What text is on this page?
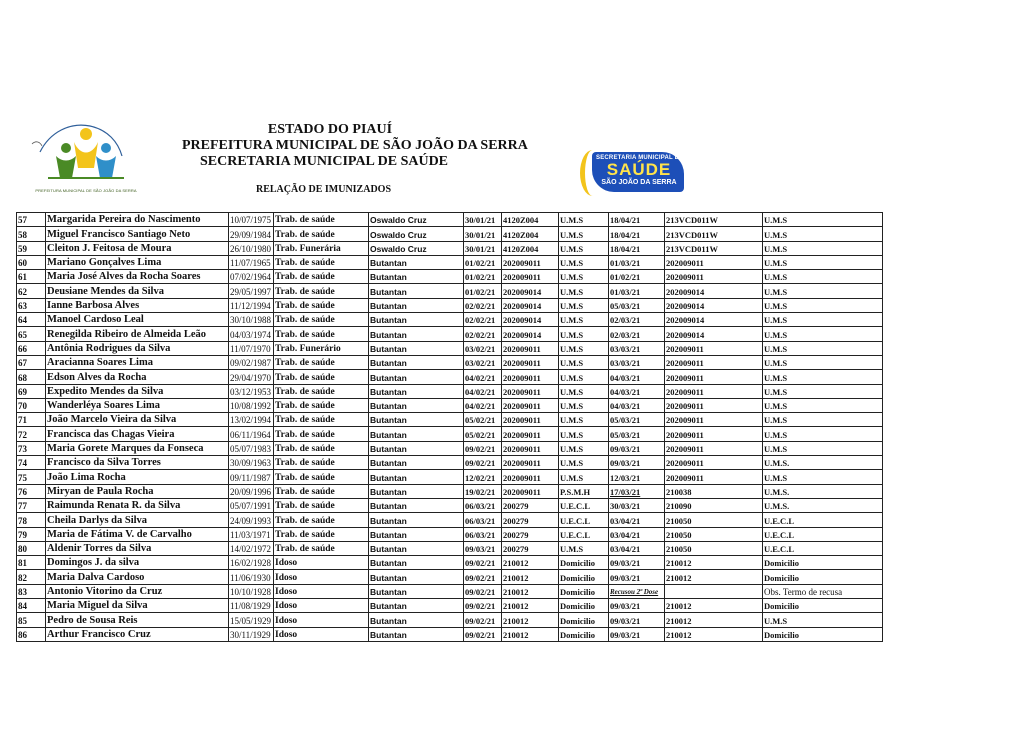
PREFEITURA MUNICIPAL DE SÃO JOÃO DA SERRA
ESTADO DO PIAUÍ
PREFEITURA MUNICIPAL DE SÃO JOÃO DA SERRA
SECRETARIA MUNICIPAL DE SAÚDE
RELAÇÃO DE IMUNIZADOS
SECRETARIA MUNICIPAL DE
SAÚDE
SÃO JOÃO DA SERRA
57	Margarida Pereira do Nascimento	10/07/1975	Trab. de saúde	Oswaldo Cruz	30/01/21	4120Z004	U.M.S	18/04/21	213VCD011W	U.M.S
58	Miguel Francisco Santiago Neto	29/09/1984	Trab. de saúde	Oswaldo Cruz	30/01/21	4120Z004	U.M.S	18/04/21	213VCD011W	U.M.S
59	Cleiton J. Feitosa de Moura	26/10/1980	Trab. Funerária	Oswaldo Cruz	30/01/21	4120Z004	U.M.S	18/04/21	213VCD011W	U.M.S
60	Mariano Gonçalves Lima	11/07/1965	Trab. de saúde	Butantan	01/02/21	202009011	U.M.S	01/03/21	202009011	U.M.S
61	Maria José Alves da Rocha Soares	07/02/1964	Trab. de saúde	Butantan	01/02/21	202009011	U.M.S	01/02/21	202009011	U.M.S
62	Deusiane Mendes da Silva	29/05/1997	Trab. de saúde	Butantan	01/02/21	202009014	U.M.S	01/03/21	202009014	U.M.S
63	Ianne Barbosa Alves	11/12/1994	Trab. de saúde	Butantan	02/02/21	202009014	U.M.S	05/03/21	202009014	U.M.S
64	Manoel Cardoso Leal	30/10/1988	Trab. de saúde	Butantan	02/02/21	202009014	U.M.S	02/03/21	202009014	U.M.S
65	Renegilda Ribeiro de Almeida Leão	04/03/1974	Trab. de saúde	Butantan	02/02/21	202009014	U.M.S	02/03/21	202009014	U.M.S
66	Antônia Rodrigues da Silva	11/07/1970	Trab. Funerário	Butantan	03/02/21	202009011	U.M.S	03/03/21	202009011	U.M.S
67	Aracianna Soares Lima	09/02/1987	Trab. de saúde	Butantan	03/02/21	202009011	U.M.S	03/03/21	202009011	U.M.S
68	Edson Alves da Rocha	29/04/1970	Trab. de saúde	Butantan	04/02/21	202009011	U.M.S	04/03/21	202009011	U.M.S
69	Expedito Mendes da Silva	03/12/1953	Trab. de saúde	Butantan	04/02/21	202009011	U.M.S	04/03/21	202009011	U.M.S
70	Wanderléya Soares Lima	10/08/1992	Trab. de saúde	Butantan	04/02/21	202009011	U.M.S	04/03/21	202009011	U.M.S
71	João Marcelo Vieira da Silva	13/02/1994	Trab. de saúde	Butantan	05/02/21	202009011	U.M.S	05/03/21	202009011	U.M.S
72	Francisca das Chagas Vieira	06/11/1964	Trab. de saúde	Butantan	05/02/21	202009011	U.M.S	05/03/21	202009011	U.M.S
73	Maria Gorete Marques da Fonseca	05/07/1983	Trab. de saúde	Butantan	09/02/21	202009011	U.M.S	09/03/21	202009011	U.M.S
74	Francisco da Silva Torres	30/09/1963	Trab. de saúde	Butantan	09/02/21	202009011	U.M.S	09/03/21	202009011	U.M.S.
75	João Lima Rocha	09/11/1987	Trab. de saúde	Butantan	12/02/21	202009011	U.M.S	12/03/21	202009011	U.M.S
76	Miryan de Paula Rocha	20/09/1996	Trab. de saúde	Butantan	19/02/21	202009011	P.S.M.H	17/03/21	210038	U.M.S.
77	Raimunda Renata R. da Silva	05/07/1991	Trab. de saúde	Butantan	06/03/21	200279	U.E.C.L	30/03/21	210090	U.M.S.
78	Cheila Darlys da Silva	24/09/1993	Trab. de saúde	Butantan	06/03/21	200279	U.E.C.L	03/04/21	210050	U.E.C.L
79	Maria de Fátima V. de Carvalho	11/03/1971	Trab. de saúde	Butantan	06/03/21	200279	U.E.C.L	03/04/21	210050	U.E.C.L
80	Aldenir Torres da Silva	14/02/1972	Trab. de saúde	Butantan	09/03/21	200279	U.M.S	03/04/21	210050	U.E.C.L
81	Domingos J. da silva	16/02/1928	Idoso	Butantan	09/02/21	210012	Domicilio	09/03/21	210012	Domicilio
82	Maria Dalva Cardoso	11/06/1930	Idoso	Butantan	09/02/21	210012	Domicilio	09/03/21	210012	Domicilio
83	Antonio Vitorino da Cruz	10/10/1928	Idoso	Butantan	09/02/21	210012	Domicilio	Recusou 2ª Dose		Obs. Termo de recusa
84	Maria Miguel da Silva	11/08/1929	Idoso	Butantan	09/02/21	210012	Domicilio	09/03/21	210012	Domicilio
85	Pedro de Sousa Reis	15/05/1929	Idoso	Butantan	09/02/21	210012	Domicilio	09/03/21	210012	U.M.S
86	Arthur Francisco Cruz	30/11/1929	Idoso	Butantan	09/02/21	210012	Domicilio	09/03/21	210012	Domicilio
